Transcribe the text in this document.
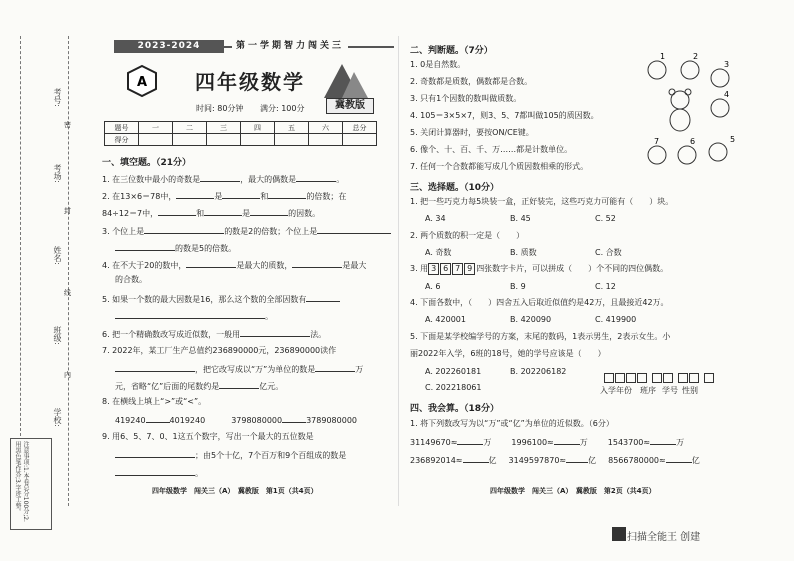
考号:
考场:
姓名:
班级:
学校:
密
封
线
内
注意事项:1.本卷总分100分;2.用黑色笔作答;3.字迹工整。
2023-2024	第一学期智力闯关三
A 四年级数学
冀教版
时间: 80分钟 满分: 100分
题号	一	二	三	四	五	六	总分
得分							
一、填空题。（21分）
1. 在三位数中最小的奇数是	，最大的偶数是	。
2. 在13×6＝78中，	是	和	的倍数；在
84÷12＝7中，	和	是	的因数。
3. 个位上是	的数是2的倍数；个位上是
的数是5的倍数。
4. 在不大于20的数中，	是最大的质数，	是最大
的合数。
5. 如果一个数的最大因数是16，那么这个数的全部因数有
。
6. 把一个精确数改写成近似数，一般用	法。
7. 2022年，某工厂生产总值约236890000元，236890000读作
，把它改写成以“万”为单位的数是	万
元，省略“亿”后面的尾数约是	亿元。
8. 在横线上填上“>”或“<”。
419240	4019240	3798080000	3789080000
9. 用6、5、7、0、1这五个数字，写出一个最大的五位数是
；由5个十亿，7个百万和9个百组成的数是
。
四年级数学　闯关三（A）　冀教版　第1页（共4页）
二、判断题。（7分）
1. 0是自然数。
2. 奇数都是质数，偶数都是合数。
3. 只有1个因数的数叫做质数。
4. 105＝3×5×7，则3、5、7都叫做105的质因数。
5. 关闭计算器时，要按ON/CE键。
6. 像个、十、百、千、万……都是计数单位。
7. 任何一个合数都能写成几个质因数相乘的形式。
1	2
3
4
5
6
7
三、选择题。（10分）
1. 把一些巧克力每5块装一盒，正好装完，这些巧克力可能有（　　）块。
A. 34	B. 45	C. 52
2. 两个质数的积一定是（　　）
A. 奇数	B. 质数	C. 合数
3. 用 3 6 7 9 四张数字卡片，可以拼成（　　）个不同的四位偶数。
A. 6	B. 9	C. 12
4. 下面各数中，（　　）四舍五入后取近似值约是42万，且最接近42万。
A. 420001	B. 420090	C. 419900
5. 下面是某学校编学号的方案，末尾的数码，1表示男生，2表示女生。小
丽2022年入学，6班的18号，她的学号应该是（　　）
A. 202260181	B. 202206182
C. 202218061	入学年份 班序 学号 性别
四、我会算。（18分）
1. 将下列数改写为以“万”或“亿”为单位的近似数。（6分）
31149670≈	万	1996100≈	万	1543700≈	万
236892014≈	亿 3149597870≈	亿 8566780000≈	亿
四年级数学　闯关三（A）　冀教版　第2页（共4页）
扫描全能王 创建
